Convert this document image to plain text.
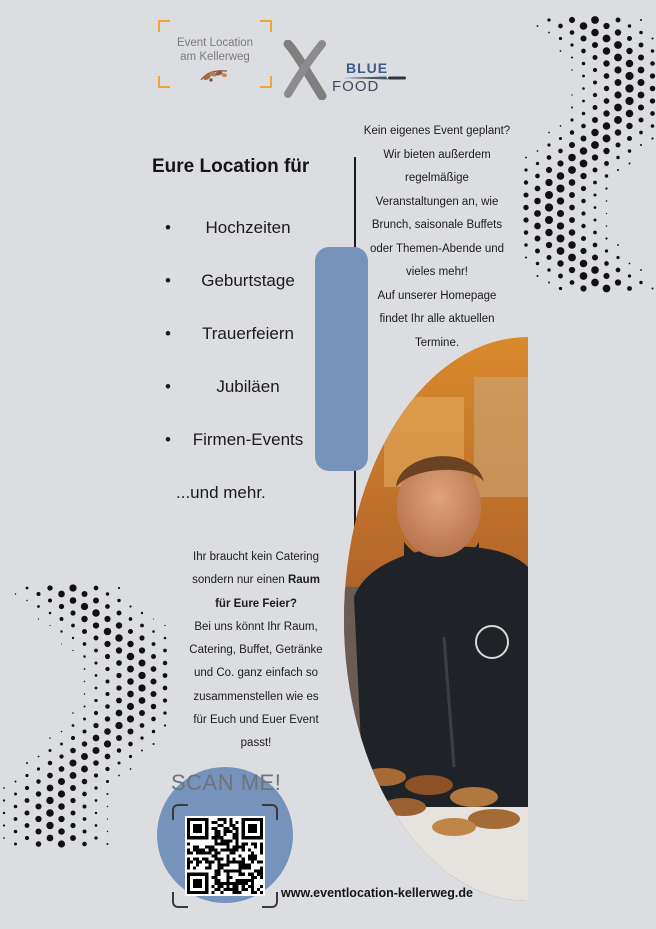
Event Location
am Kellerweg
BLUE
FOOD
Eure Location für
•	Hochzeiten
•	Geburtstage
•	Trauerfeiern
•	Jubiläen
•	Firmen-Events
...und mehr.
Kein eigenes Event geplant?
Wir bieten außerdem
regelmäßige
Veranstaltungen an, wie
Brunch, saisonale Buffets
oder Themen-Abende und
vieles mehr!
Auf unserer Homepage
findet Ihr alle aktuellen
Termine.
Ihr braucht kein Catering
sondern nur einen Raum
für Eure Feier?
Bei uns könnt Ihr Raum,
Catering, Buffet, Getränke
und Co. ganz einfach so
zusammenstellen wie es
für Euch und Euer Event
passt!
SCAN ME!
www.eventlocation-kellerweg.de
